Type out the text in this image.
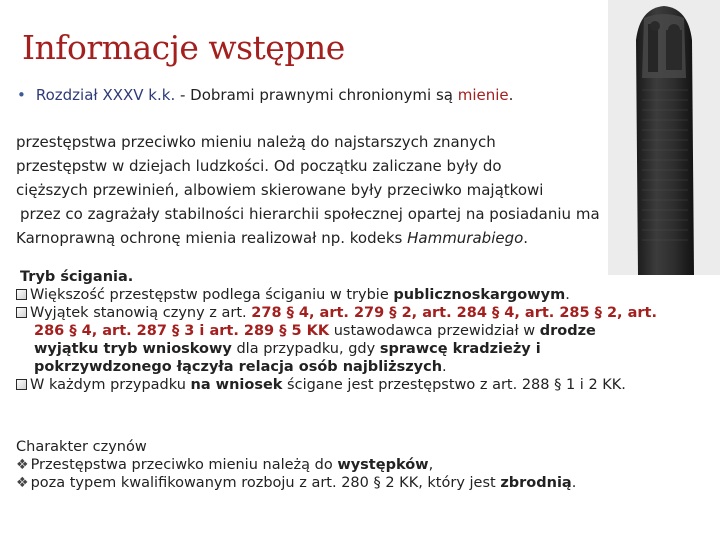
Informacje wstępne
• Rozdział XXXV k.k. - Dobrami prawnymi chronionymi są mienie.
przestępstwa przeciwko mieniu należą do najstarszych znanych
przestępstw w dziejach ludzkości. Od początku zaliczane były do
cięższych przewinień, albowiem skierowane były przeciwko majątkowi
przez co zagrażały stabilności hierarchii społecznej opartej na posiadaniu ma
Karnoprawną ochronę mienia realizował np. kodeks Hammurabiego.
Tryb ścigania.
Większość przestępstw podlega ściganiu w trybie publicznoskargowym.
Wyjątek stanowią czyny z art. 278 § 4, art. 279 § 2, art. 284 § 4, art. 285 § 2, art.
286 § 4, art. 287 § 3 i art. 289 § 5 KK ustawodawca przewidział w drodze
wyjątku tryb wnioskowy dla przypadku, gdy sprawcę kradzieży i
pokrzywdzonego łączyła relacja osób najbliższych.
W każdym przypadku na wniosek ścigane jest przestępstwo z art. 288 § 1 i 2 KK.
Charakter czynów
❖ Przestępstwa przeciwko mieniu należą do występków,
❖ poza typem kwalifikowanym rozboju z art. 280 § 2 KK, który jest zbrodnią.
